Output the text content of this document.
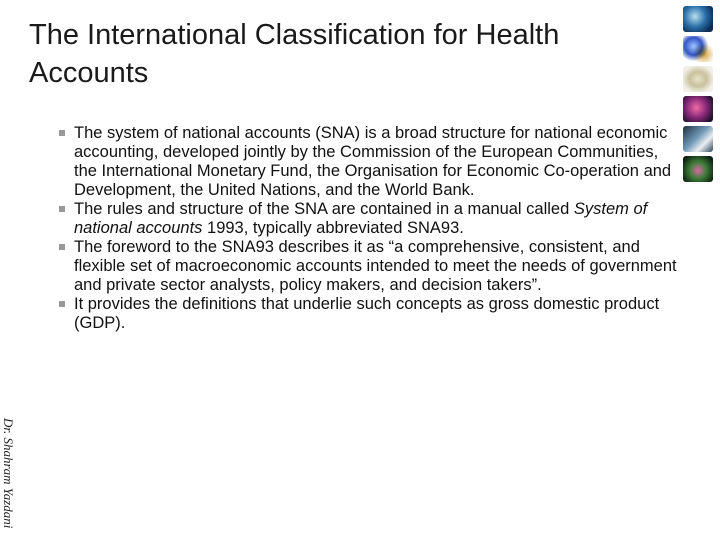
The International Classification for Health Accounts
The system of national accounts (SNA) is a broad structure for national economic accounting, developed jointly by the Commission of the European Communities, the International Monetary Fund, the Organisation for Economic Co-operation and Development, the United Nations, and the World Bank.
The rules and structure of the SNA are contained in a manual called System of national accounts 1993, typically abbreviated SNA93.
The foreword to the SNA93 describes it as “a comprehensive, consistent, and flexible set of macroeconomic accounts intended to meet the needs of government and private sector analysts, policy makers, and decision takers”.
It provides the definitions that underlie such concepts as gross domestic product (GDP).
Dr. Shahram Yazdani
